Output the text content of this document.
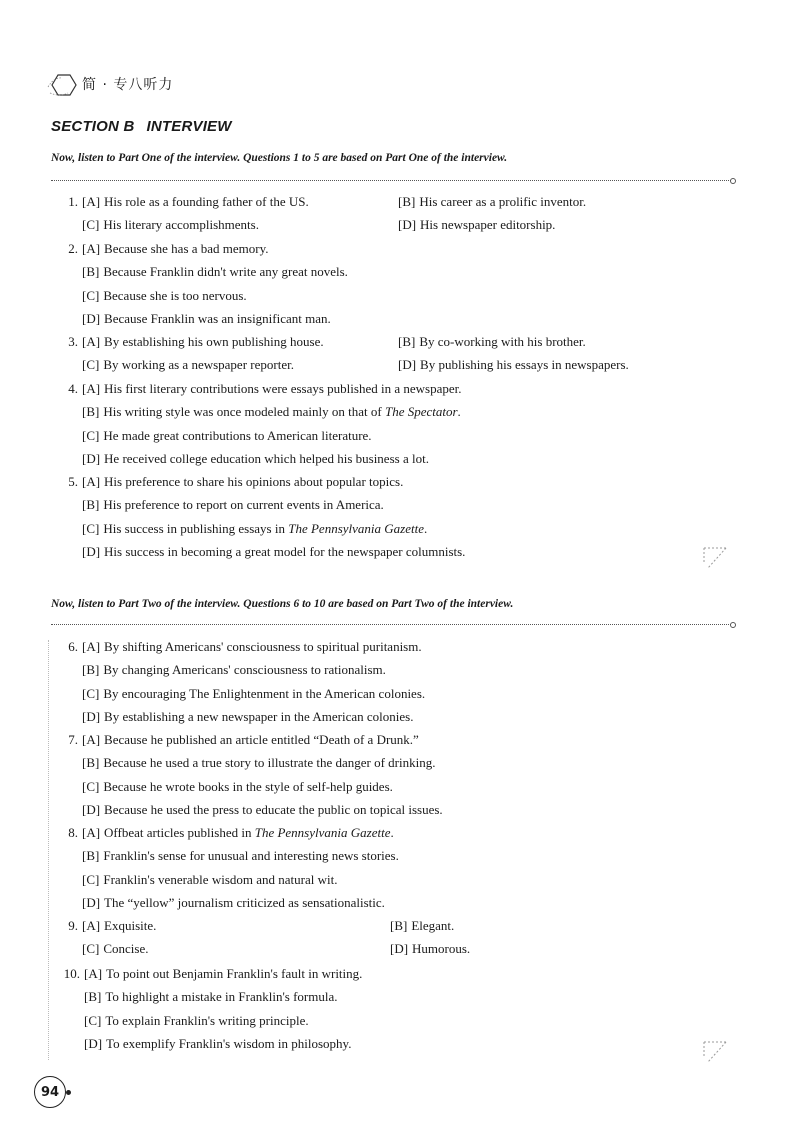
简 · 专八听力
SECTION B INTERVIEW
Now, listen to Part One of the interview. Questions 1 to 5 are based on Part One of the interview.
1. [A] His role as a founding father of the US.	[B] His career as a prolific inventor.
[C] His literary accomplishments.	[D] His newspaper editorship.
2. [A] Because she has a bad memory.
[B] Because Franklin didn't write any great novels.
[C] Because she is too nervous.
[D] Because Franklin was an insignificant man.
3. [A] By establishing his own publishing house.	[B] By co-working with his brother.
[C] By working as a newspaper reporter.	[D] By publishing his essays in newspapers.
4. [A] His first literary contributions were essays published in a newspaper.
[B] His writing style was once modeled mainly on that of The Spectator.
[C] He made great contributions to American literature.
[D] He received college education which helped his business a lot.
5. [A] His preference to share his opinions about popular topics.
[B] His preference to report on current events in America.
[C] His success in publishing essays in The Pennsylvania Gazette.
[D] His success in becoming a great model for the newspaper columnists.
Now, listen to Part Two of the interview. Questions 6 to 10 are based on Part Two of the interview.
6. [A] By shifting Americans' consciousness to spiritual puritanism.
[B] By changing Americans' consciousness to rationalism.
[C] By encouraging The Enlightenment in the American colonies.
[D] By establishing a new newspaper in the American colonies.
7. [A] Because he published an article entitled “Death of a Drunk.”
[B] Because he used a true story to illustrate the danger of drinking.
[C] Because he wrote books in the style of self-help guides.
[D] Because he used the press to educate the public on topical issues.
8. [A] Offbeat articles published in The Pennsylvania Gazette.
[B] Franklin's sense for unusual and interesting news stories.
[C] Franklin's venerable wisdom and natural wit.
[D] The “yellow” journalism criticized as sensationalistic.
9. [A] Exquisite.	[B] Elegant.
[C] Concise.	[D] Humorous.
10. [A] To point out Benjamin Franklin's fault in writing.
[B] To highlight a mistake in Franklin's formula.
[C] To explain Franklin's writing principle.
[D] To exemplify Franklin's wisdom in philosophy.
94
